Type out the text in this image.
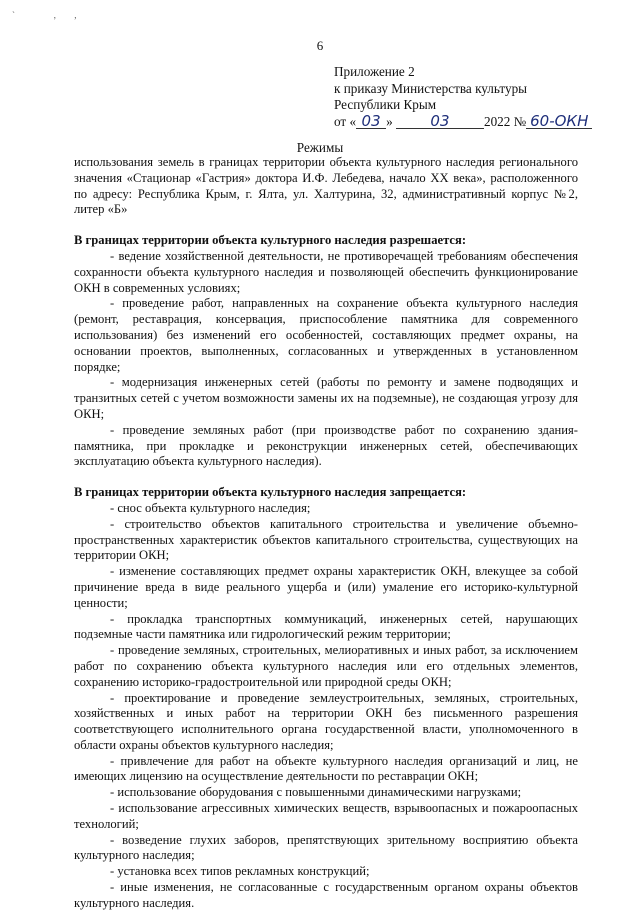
` ‚,
6
Приложение 2
к приказу Министерства культуры
Республики Крым
от « 03 »	03	2022 № 60-ОКН
Режимы

использования земель в границах территории объекта культурного наследия регионального значения «Стационар «Гастрия» доктора И.Ф. Лебедева, начало XX века», расположенного по адресу: Республика Крым, г. Ялта, ул. Халтурина, 32, административный корпус №2, литер «Б»

В границах территории объекта культурного наследия разрешается:

- ведение хозяйственной деятельности, не противоречащей требованиям обеспечения сохранности объекта культурного наследия и позволяющей обеспечить функционирование ОКН в современных условиях;

- проведение работ, направленных на сохранение объекта культурного наследия (ремонт, реставрация, консервация, приспособление памятника для современного использования) без изменений его особенностей, составляющих предмет охраны, на основании проектов, выполненных, согласованных и утвержденных в установленном порядке;

- модернизация инженерных сетей (работы по ремонту и замене подводящих и транзитных сетей с учетом возможности замены их на подземные), не создающая угрозу для ОКН;

- проведение земляных работ (при производстве работ по сохранению здания-памятника, при прокладке и реконструкции инженерных сетей, обеспечивающих эксплуатацию объекта культурного наследия).

В границах территории объекта культурного наследия запрещается:

- снос объекта культурного наследия;

- строительство объектов капитального строительства и увеличение объемно-пространственных характеристик объектов капитального строительства, существующих на территории ОКН;

- изменение составляющих предмет охраны характеристик ОКН, влекущее за собой причинение вреда в виде реального ущерба и (или) умаление его историко-культурной ценности;

- прокладка транспортных коммуникаций, инженерных сетей, нарушающих подземные части памятника или гидрологический режим территории;

- проведение земляных, строительных, мелиоративных и иных работ, за исключением работ по сохранению объекта культурного наследия или его отдельных элементов, сохранению историко-градостроительной или природной среды ОКН;

- проектирование и проведение землеустроительных, земляных, строительных, хозяйственных и иных работ на территории ОКН без письменного разрешения соответствующего исполнительного органа государственной власти, уполномоченного в области охраны объектов культурного наследия;

- привлечение для работ на объекте культурного наследия организаций и лиц, не имеющих лицензию на осуществление деятельности по реставрации ОКН;

- использование оборудования с повышенными динамическими нагрузками;

- использование агрессивных химических веществ, взрывоопасных и пожароопасных технологий;

- возведение глухих заборов, препятствующих зрительному восприятию объекта культурного наследия;

- установка всех типов рекламных конструкций;

- иные изменения, не согласованные с государственным органом охраны объектов культурного наследия.
